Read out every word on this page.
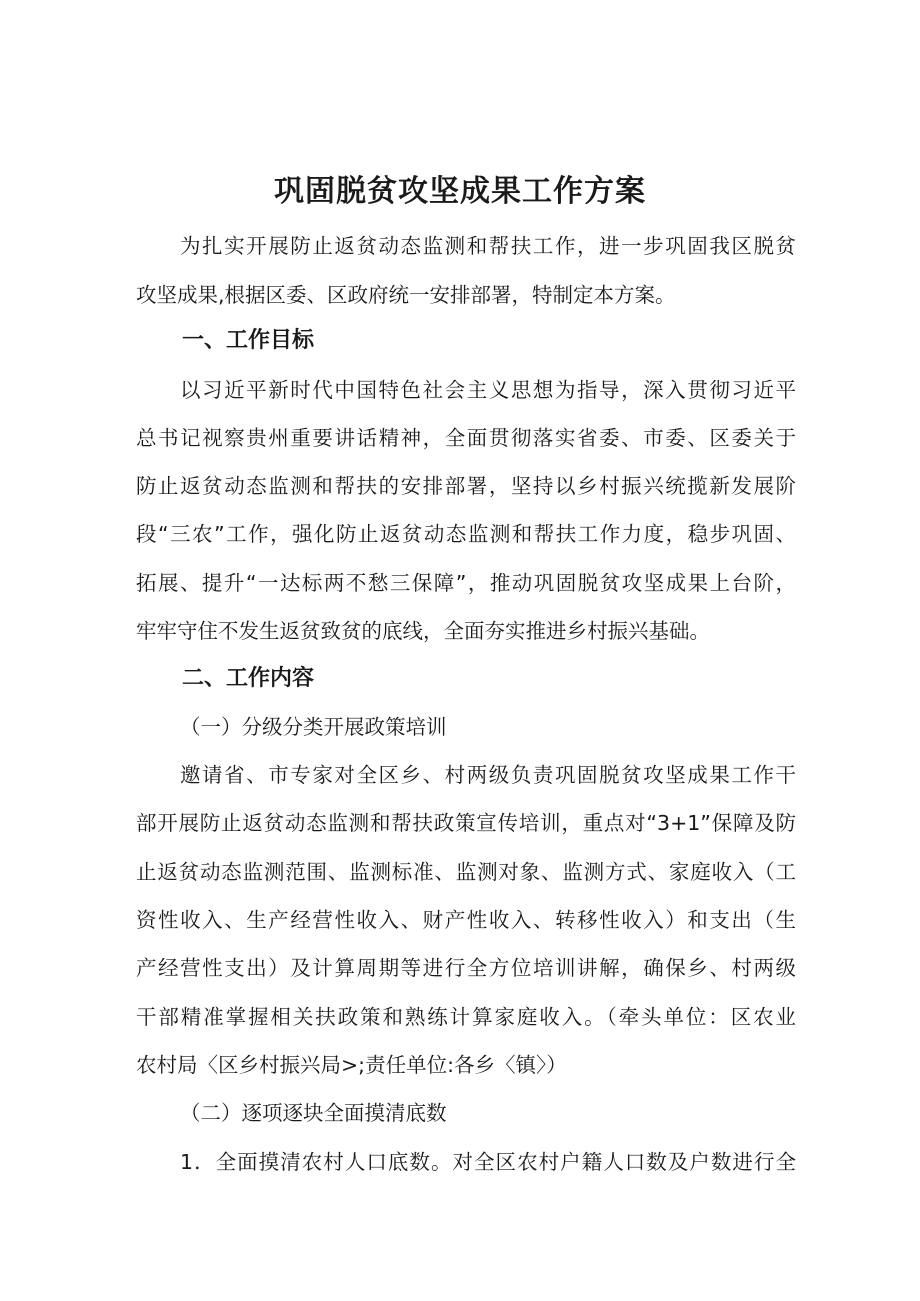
巩固脱贫攻坚成果工作方案

为扎实开展防止返贫动态监测和帮扶工作，进一步巩固我区脱贫

攻坚成果,根据区委、区政府统一安排部署，特制定本方案。

一、工作目标

以习近平新时代中国特色社会主义思想为指导，深入贯彻习近平

总书记视察贵州重要讲话精神，全面贯彻落实省委、市委、区委关于

防止返贫动态监测和帮扶的安排部署，坚持以乡村振兴统揽新发展阶

段“三农”工作，强化防止返贫动态监测和帮扶工作力度，稳步巩固、

拓展、提升“一达标两不愁三保障”，推动巩固脱贫攻坚成果上台阶，

牢牢守住不发生返贫致贫的底线，全面夯实推进乡村振兴基础。

二、工作内容

（一）分级分类开展政策培训

邀请省、市专家对全区乡、村两级负责巩固脱贫攻坚成果工作干

部开展防止返贫动态监测和帮扶政策宣传培训，重点对“3+1”保障及防

止返贫动态监测范围、监测标准、监测对象、监测方式、家庭收入（工

资性收入、生产经营性收入、财产性收入、转移性收入）和支出（生

产经营性支出）及计算周期等进行全方位培训讲解，确保乡、村两级

干部精准掌握相关扶政策和熟练计算家庭收入。（牵头单位：区农业

农村局〈区乡村振兴局>;责任单位:各乡〈镇〉）

（二）逐项逐块全面摸清底数

1．全面摸清农村人口底数。对全区农村户籍人口数及户数进行全
